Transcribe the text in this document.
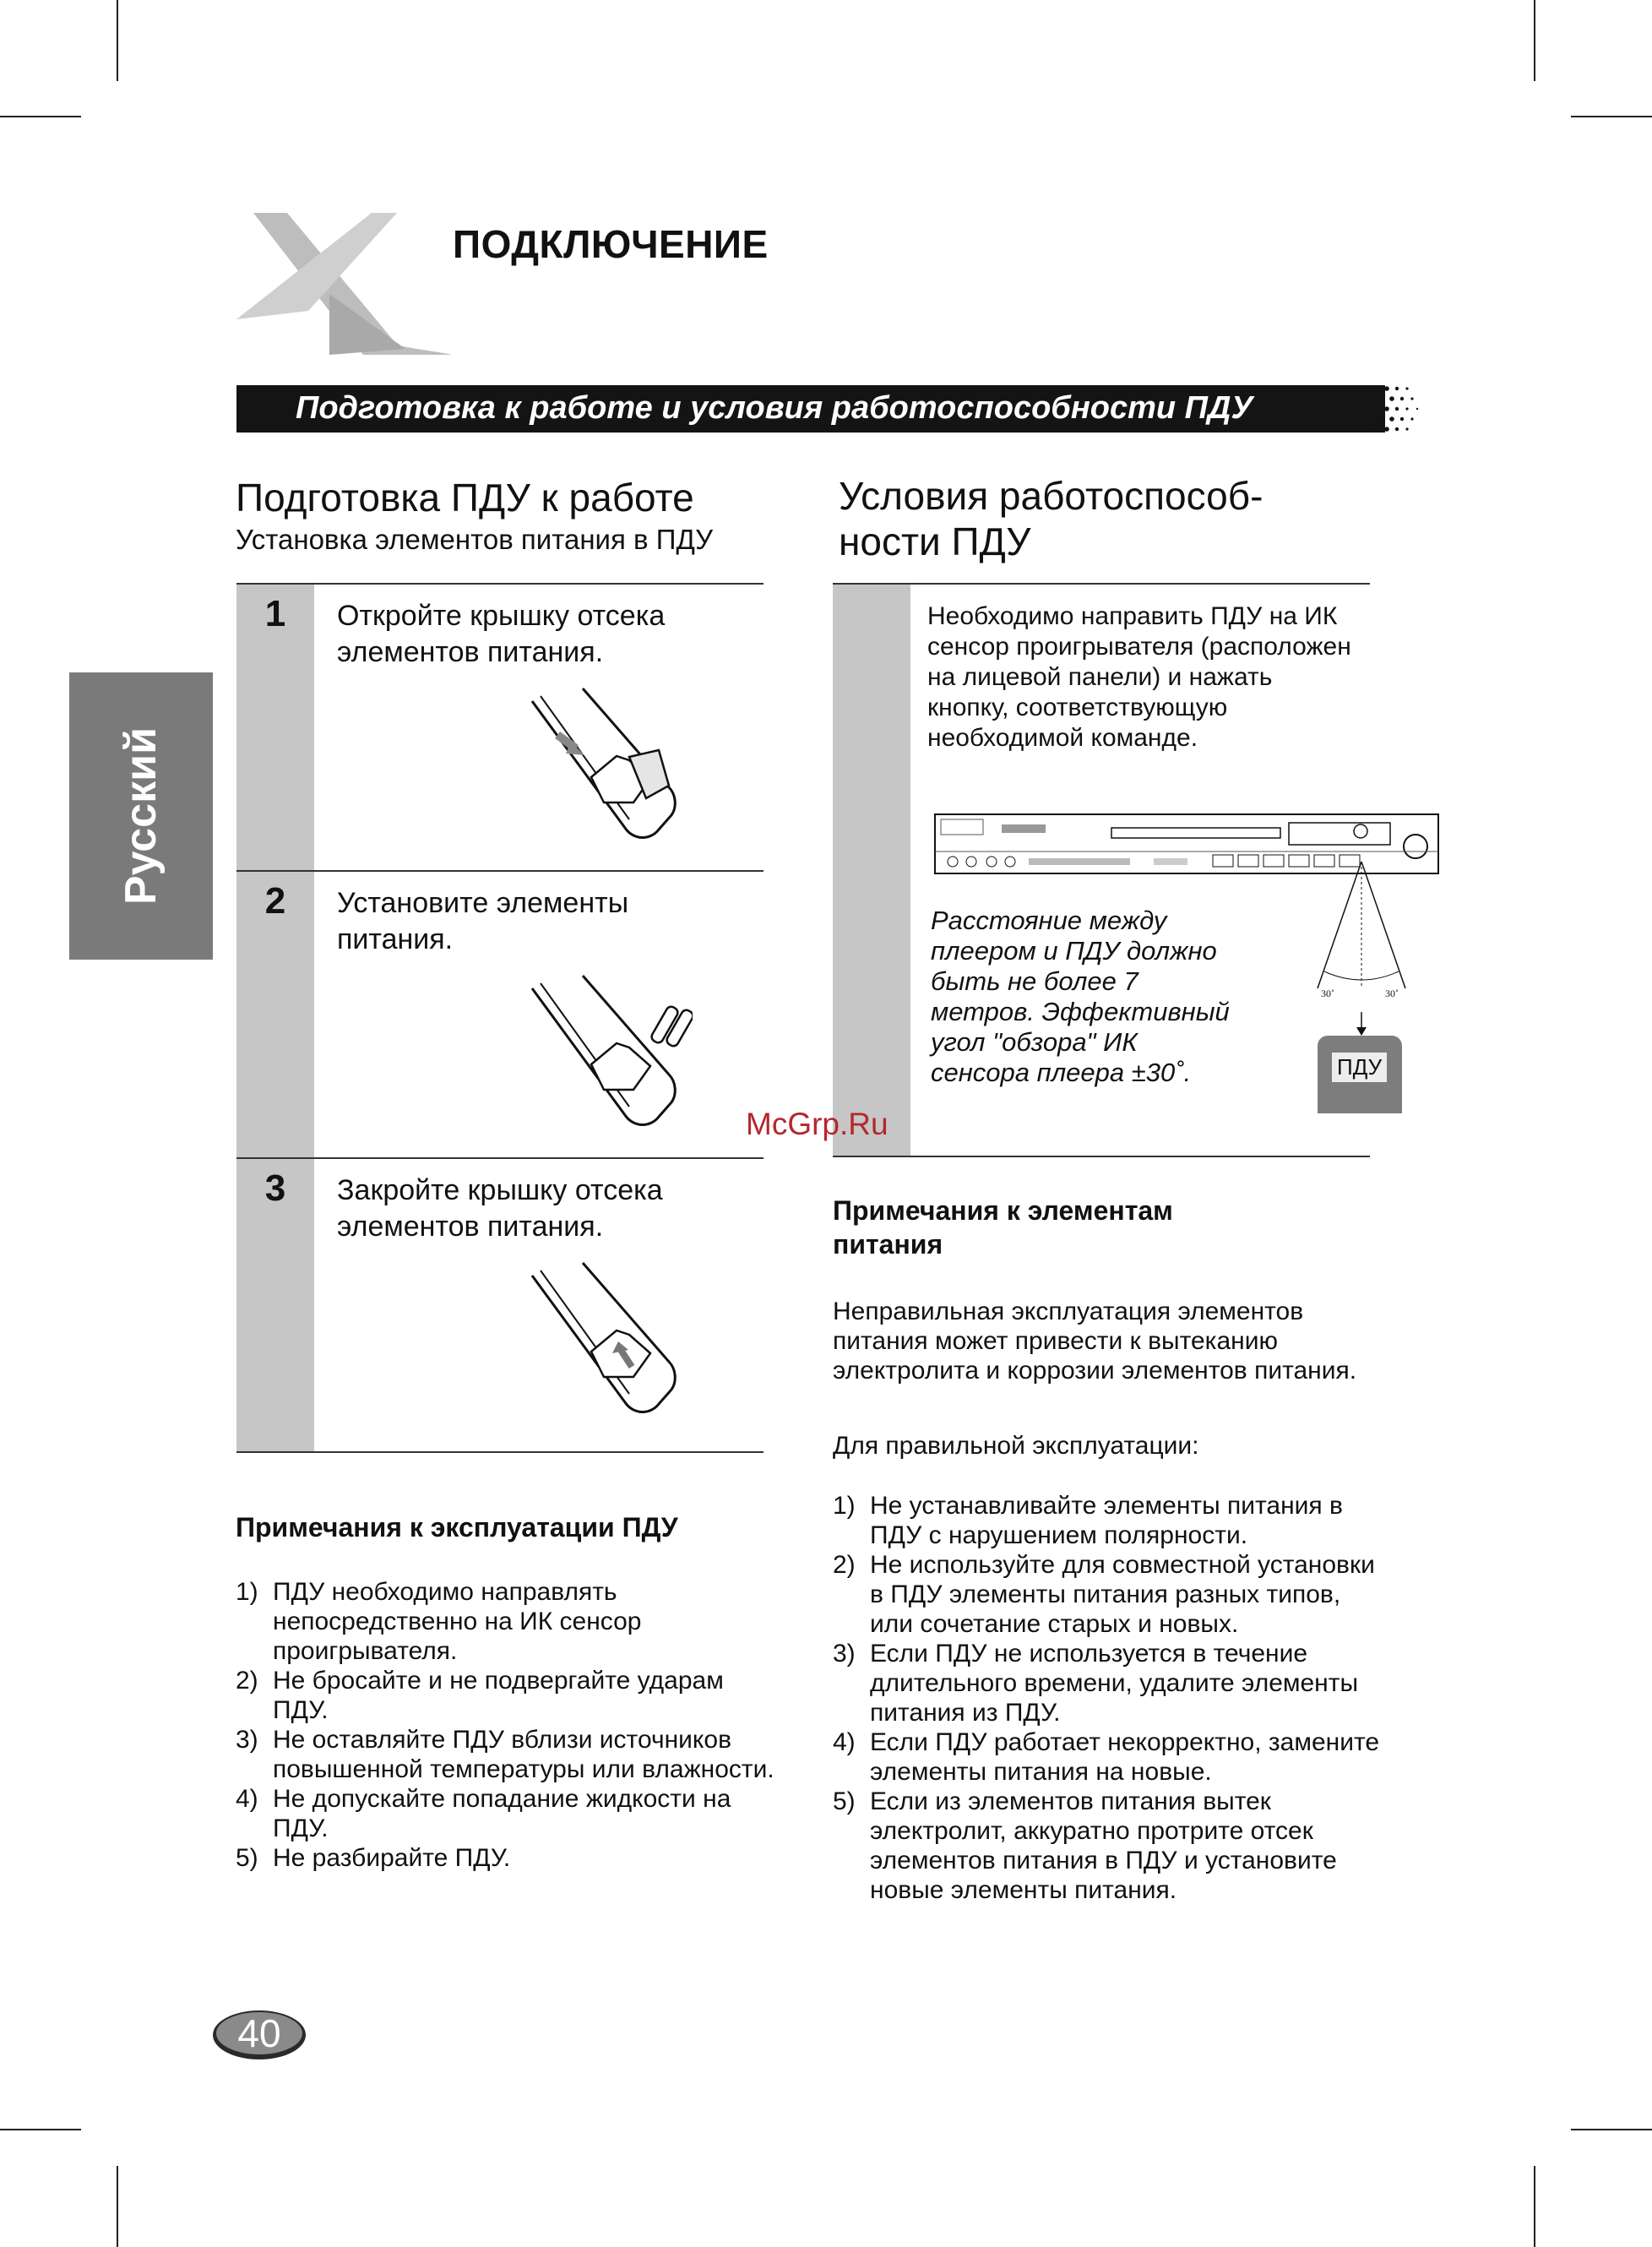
ПОДКЛЮЧЕНИЕ
Подготовка к работе и условия работоспособности ПДУ
Русский
Подготовка ПДУ к работе
Установка элементов питания в ПДУ
1	Откройте крышку отсека элементов питания.
2	Установите элементы питания.
3	Закройте крышку отсека элементов питания.
Примечания к эксплуатации ПДУ
1) ПДУ необходимо направлять непосредственно на ИК сенсор проигрывателя.
2) Не бросайте и не подвергайте ударам ПДУ.
3) Не оставляйте ПДУ вблизи источников повышенной температуры или влажности.
4) Не допускайте попадание жидкости на ПДУ.
5) Не разбирайте ПДУ.
Условия работоспособ-ности ПДУ
Необходимо направить ПДУ на ИК сенсор проигрывателя (расположен на лицевой панели) и нажать кнопку, соответствующую необходимой команде.
Расстояние между плеером и ПДУ должно быть не более 7 метров. Эффективный угол "обзора" ИК сенсора плеера ±30˚.
30˚	30˚
ПДУ
McGrp.Ru
Примечания к элементам питания
Неправильная эксплуатация элементов питания может привести к вытеканию электролита и коррозии элементов питания.
Для правильной эксплуатации:
1) Не устанавливайте элементы питания в ПДУ с нарушением полярности.
2) Не используйте для совместной установки в ПДУ элементы питания разных типов, или сочетание старых и новых.
3) Если ПДУ не используется в течение длительного времени, удалите элементы питания из ПДУ.
4) Если ПДУ работает некорректно, замените элементы питания на новые.
5) Если из элементов питания вытек электролит, аккуратно протрите отсек элементов питания в ПДУ и установите новые элементы питания.
40
